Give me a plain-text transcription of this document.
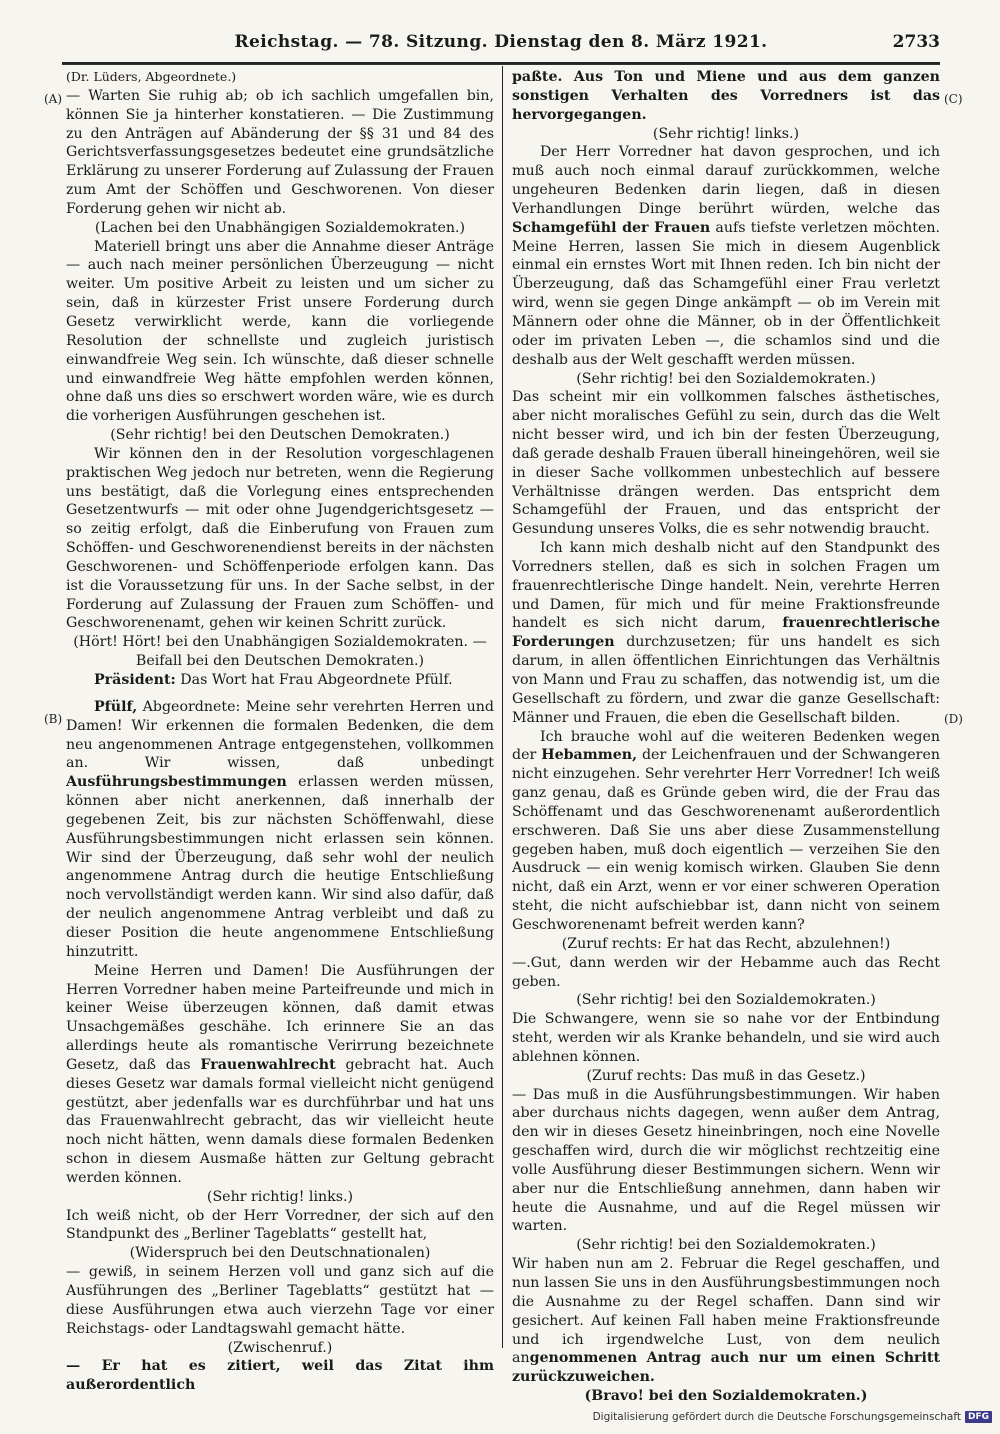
Reichstag. — 78. Sitzung. Dienstag den 8. März 1921.	2733
(A)
(B)
(C)
(D)

(Dr. Lüders, Abgeordnete.)

— Warten Sie ruhig ab; ob ich sachlich umgefallen bin, können Sie ja hinterher konstatieren. — Die Zustimmung zu den Anträgen auf Abänderung der §§ 31 und 84 des Gerichtsverfassungsgesetzes bedeutet eine grundsätzliche Erklärung zu unserer Forderung auf Zulassung der Frauen zum Amt der Schöffen und Geschworenen. Von dieser Forderung gehen wir nicht ab.

(Lachen bei den Unabhängigen Sozialdemokraten.)

Materiell bringt uns aber die Annahme dieser Anträge — auch nach meiner persönlichen Überzeugung — nicht weiter. Um positive Arbeit zu leisten und um sicher zu sein, daß in kürzester Frist unsere Forderung durch Gesetz verwirklicht werde, kann die vorliegende Resolution der schnellste und zugleich juristisch einwandfreie Weg sein. Ich wünschte, daß dieser schnelle und einwandfreie Weg hätte empfohlen werden können, ohne daß uns dies so erschwert worden wäre, wie es durch die vorherigen Ausführungen geschehen ist.

(Sehr richtig! bei den Deutschen Demokraten.)

Wir können den in der Resolution vorgeschlagenen praktischen Weg jedoch nur betreten, wenn die Regierung uns bestätigt, daß die Vorlegung eines entsprechenden Gesetzentwurfs — mit oder ohne Jugendgerichtsgesetz — so zeitig erfolgt, daß die Einberufung von Frauen zum Schöffen- und Geschworenendienst bereits in der nächsten Geschworenen- und Schöffenperiode erfolgen kann. Das ist die Voraussetzung für uns. In der Sache selbst, in der Forderung auf Zulassung der Frauen zum Schöffen- und Geschworenenamt, gehen wir keinen Schritt zurück.

(Hört! Hört! bei den Unabhängigen Sozialdemokraten. — Beifall bei den Deutschen Demokraten.)

Präsident: Das Wort hat Frau Abgeordnete Pfülf.

Pfülf, Abgeordnete: Meine sehr verehrten Herren und Damen! Wir erkennen die formalen Bedenken, die dem neu angenommenen Antrage entgegenstehen, vollkommen an. Wir wissen, daß unbedingt Ausführungsbestimmungen erlassen werden müssen, können aber nicht anerkennen, daß innerhalb der gegebenen Zeit, bis zur nächsten Schöffenwahl, diese Ausführungsbestimmungen nicht erlassen sein können. Wir sind der Überzeugung, daß sehr wohl der neulich angenommene Antrag durch die heutige Entschließung noch vervollständigt werden kann. Wir sind also dafür, daß der neulich angenommene Antrag verbleibt und daß zu dieser Position die heute angenommene Entschließung hinzutritt.

Meine Herren und Damen! Die Ausführungen der Herren Vorredner haben meine Parteifreunde und mich in keiner Weise überzeugen können, daß damit etwas Unsachgemäßes geschähe. Ich erinnere Sie an das allerdings heute als romantische Verirrung bezeichnete Gesetz, daß das Frauenwahlrecht gebracht hat. Auch dieses Gesetz war damals formal vielleicht nicht genügend gestützt, aber jedenfalls war es durchführbar und hat uns das Frauenwahlrecht gebracht, das wir vielleicht heute noch nicht hätten, wenn damals diese formalen Bedenken schon in diesem Ausmaße hätten zur Geltung gebracht werden können.

(Sehr richtig! links.)

Ich weiß nicht, ob der Herr Vorredner, der sich auf den Standpunkt des „Berliner Tageblatts“ gestellt hat,

(Widerspruch bei den Deutschnationalen)

— gewiß, in seinem Herzen voll und ganz sich auf die Ausführungen des „Berliner Tageblatts“ gestützt hat — diese Ausführungen etwa auch vierzehn Tage vor einer Reichstags- oder Landtagswahl gemacht hätte.

(Zwischenruf.)

— Er hat es zitiert, weil das Zitat ihm außerordentlich

paßte. Aus Ton und Miene und aus dem ganzen sonstigen Verhalten des Vorredners ist das hervorgegangen.

(Sehr richtig! links.)

Der Herr Vorredner hat davon gesprochen, und ich muß auch noch einmal darauf zurückkommen, welche ungeheuren Bedenken darin liegen, daß in diesen Verhandlungen Dinge berührt würden, welche das Schamgefühl der Frauen aufs tiefste verletzen möchten. Meine Herren, lassen Sie mich in diesem Augenblick einmal ein ernstes Wort mit Ihnen reden. Ich bin nicht der Überzeugung, daß das Schamgefühl einer Frau verletzt wird, wenn sie gegen Dinge ankämpft — ob im Verein mit Männern oder ohne die Männer, ob in der Öffentlichkeit oder im privaten Leben —, die schamlos sind und die deshalb aus der Welt geschafft werden müssen.

(Sehr richtig! bei den Sozialdemokraten.)

Das scheint mir ein vollkommen falsches ästhetisches, aber nicht moralisches Gefühl zu sein, durch das die Welt nicht besser wird, und ich bin der festen Überzeugung, daß gerade deshalb Frauen überall hineingehören, weil sie in dieser Sache vollkommen unbestechlich auf bessere Verhältnisse drängen werden. Das entspricht dem Schamgefühl der Frauen, und das entspricht der Gesundung unseres Volks, die es sehr notwendig braucht.

Ich kann mich deshalb nicht auf den Standpunkt des Vorredners stellen, daß es sich in solchen Fragen um frauenrechtlerische Dinge handelt. Nein, verehrte Herren und Damen, für mich und für meine Fraktionsfreunde handelt es sich nicht darum, frauenrechtlerische Forderungen durchzusetzen; für uns handelt es sich darum, in allen öffentlichen Einrichtungen das Verhältnis von Mann und Frau zu schaffen, das notwendig ist, um die Gesellschaft zu fördern, und zwar die ganze Gesellschaft: Männer und Frauen, die eben die Gesellschaft bilden.

Ich brauche wohl auf die weiteren Bedenken wegen der Hebammen, der Leichenfrauen und der Schwangeren nicht einzugehen. Sehr verehrter Herr Vorredner! Ich weiß ganz genau, daß es Gründe geben wird, die der Frau das Schöffenamt und das Geschworenenamt außerordentlich erschweren. Daß Sie uns aber diese Zusammenstellung gegeben haben, muß doch eigentlich — verzeihen Sie den Ausdruck — ein wenig komisch wirken. Glauben Sie denn nicht, daß ein Arzt, wenn er vor einer schweren Operation steht, die nicht aufschiebbar ist, dann nicht von seinem Geschworenenamt befreit werden kann?

(Zuruf rechts: Er hat das Recht, abzulehnen!)

—.Gut, dann werden wir der Hebamme auch das Recht geben.

(Sehr richtig! bei den Sozialdemokraten.)

Die Schwangere, wenn sie so nahe vor der Entbindung steht, werden wir als Kranke behandeln, und sie wird auch ablehnen können.

(Zuruf rechts: Das muß in das Gesetz.)

— Das muß in die Ausführungsbestimmungen. Wir haben aber durchaus nichts dagegen, wenn außer dem Antrag, den wir in dieses Gesetz hineinbringen, noch eine Novelle geschaffen wird, durch die wir möglichst rechtzeitig eine volle Ausführung dieser Bestimmungen sichern. Wenn wir aber nur die Entschließung annehmen, dann haben wir heute die Ausnahme, und auf die Regel müssen wir warten.

(Sehr richtig! bei den Sozialdemokraten.)

Wir haben nun am 2. Februar die Regel geschaffen, und nun lassen Sie uns in den Ausführungsbestimmungen noch die Ausnahme zu der Regel schaffen. Dann sind wir gesichert. Auf keinen Fall haben meine Fraktionsfreunde und ich irgendwelche Lust, von dem neulich angenommenen Antrag auch nur um einen Schritt zurückzuweichen.

(Bravo! bei den Sozialdemokraten.)

Digitalisierung gefördert durch die Deutsche Forschungsgemeinschaft DFG
